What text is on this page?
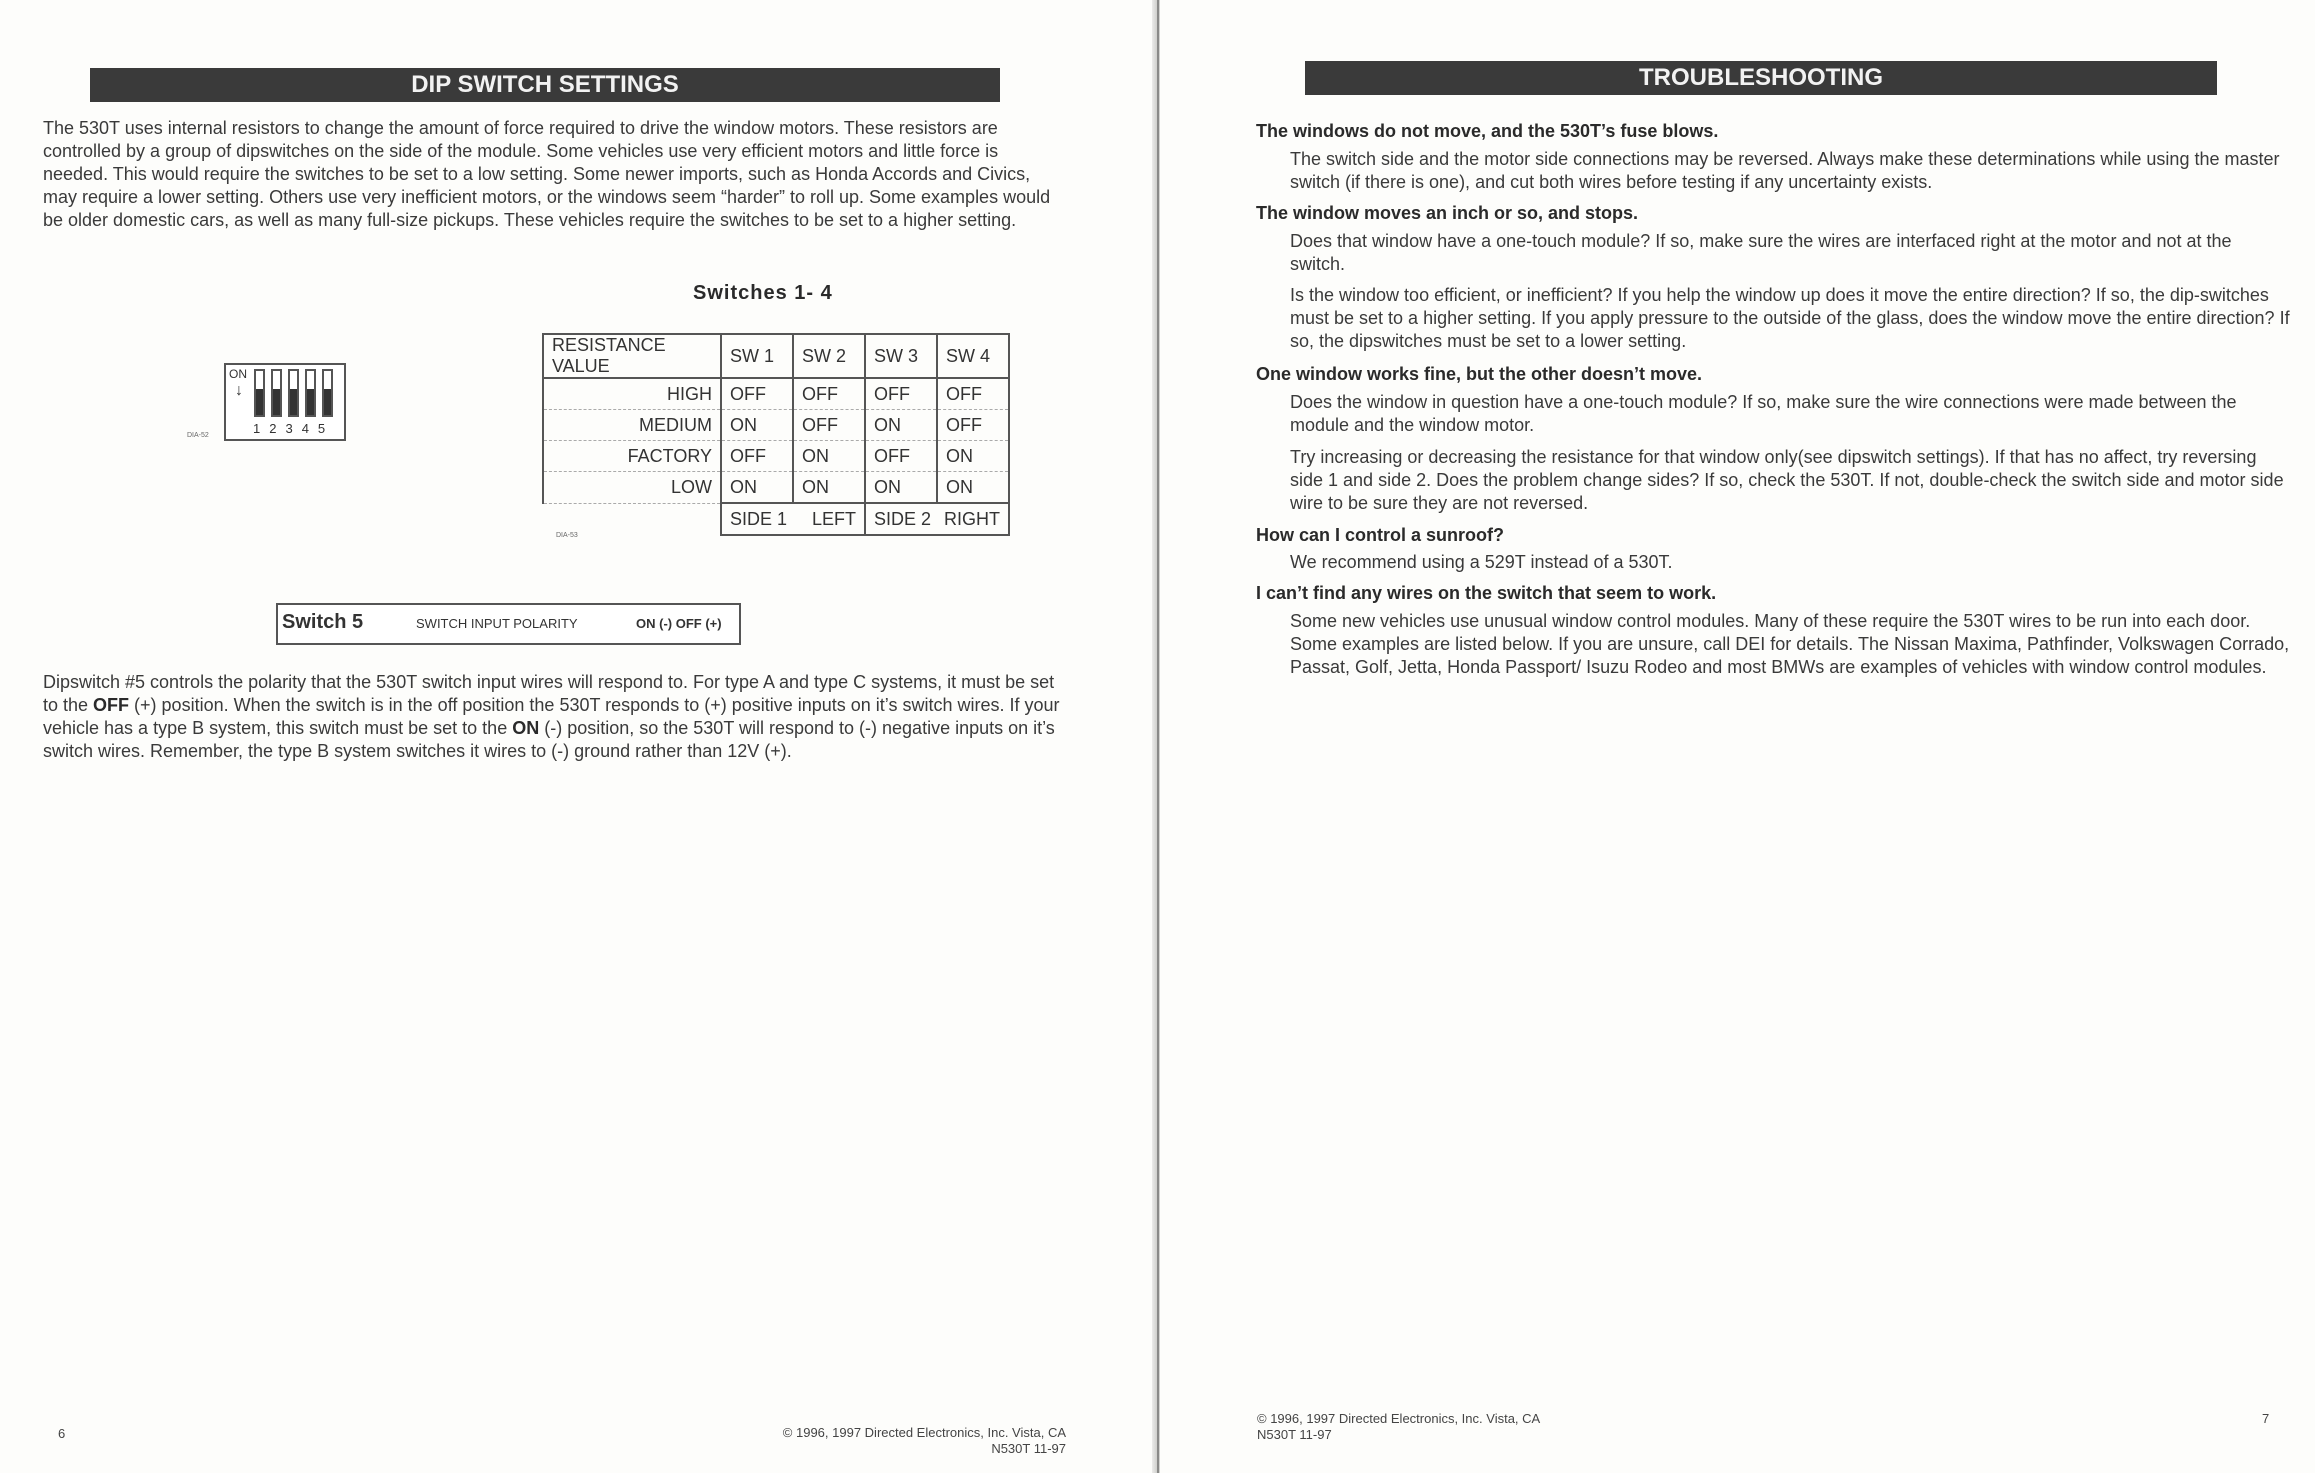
DIP SWITCH SETTINGS

The 530T uses internal resistors to change the amount of force required to drive the window motors. These resistors are controlled by a group of dipswitches on the side of the module. Some vehicles use very efficient motors and little force is needed. This would require the switches to be set to a low setting. Some newer imports, such as Honda Accords and Civics, may require a lower setting. Others use very inefficient motors, or the windows seem “harder” to roll up. Some examples would be older domestic cars, as well as many full-size pickups. These vehicles require the switches to be set to a higher setting.

ON
↓
12345
DIA-52
Switches 1- 4
RESISTANCE VALUE	SW 1	SW 2	SW 3	SW 4
HIGH	OFF	OFF	OFF	OFF
MEDIUM	ON	OFF	ON	OFF
FACTORY	OFF	ON	OFF	ON
LOW	ON	ON	ON	ON

	SIDE 1 LEFT		SIDE 2 RIGHT	
DIA-53
Switch 5	SWITCH INPUT POLARITY	ON (-) OFF (+)

Dipswitch #5 controls the polarity that the 530T switch input wires will respond to. For type A and type C systems, it must be set to the OFF (+) position. When the switch is in the off position the 530T responds to (+) positive inputs on it’s switch wires. If your vehicle has a type B system, this switch must be set to the ON (-) position, so the 530T will respond to (-) negative inputs on it’s switch wires. Remember, the type B system switches it wires to (-) ground rather than 12V (+).

6	© 1996, 1997 Directed Electronics, Inc. Vista, CA
N530T 11-97
TROUBLESHOOTING

The windows do not move, and the 530T’s fuse blows.

The switch side and the motor side connections may be reversed. Always make these determinations while using the master switch (if there is one), and cut both wires before testing if any uncertainty exists.

The window moves an inch or so, and stops.

Does that window have a one-touch module? If so, make sure the wires are interfaced right at the motor and not at the switch.

Is the window too efficient, or inefficient? If you help the window up does it move the entire direction? If so, the dip-switches must be set to a higher setting. If you apply pressure to the outside of the glass, does the window move the entire direction? If so, the dipswitches must be set to a lower setting.

One window works fine, but the other doesn’t move.

Does the window in question have a one-touch module? If so, make sure the wire connections were made between the module and the window motor.

Try increasing or decreasing the resistance for that window only(see dipswitch settings). If that has no affect, try reversing side 1 and side 2. Does the problem change sides? If so, check the 530T. If not, double-check the switch side and motor side wire to be sure they are not reversed.

How can I control a sunroof?

We recommend using a 529T instead of a 530T.

I can’t find any wires on the switch that seem to work.

Some new vehicles use unusual window control modules. Many of these require the 530T wires to be run into each door. Some examples are listed below. If you are unsure, call DEI for details. The Nissan Maxima, Pathfinder, Volkswagen Corrado, Passat, Golf, Jetta, Honda Passport/ Isuzu Rodeo and most BMWs are examples of vehicles with window control modules.

© 1996, 1997 Directed Electronics, Inc. Vista, CA
N530T 11-97
7
